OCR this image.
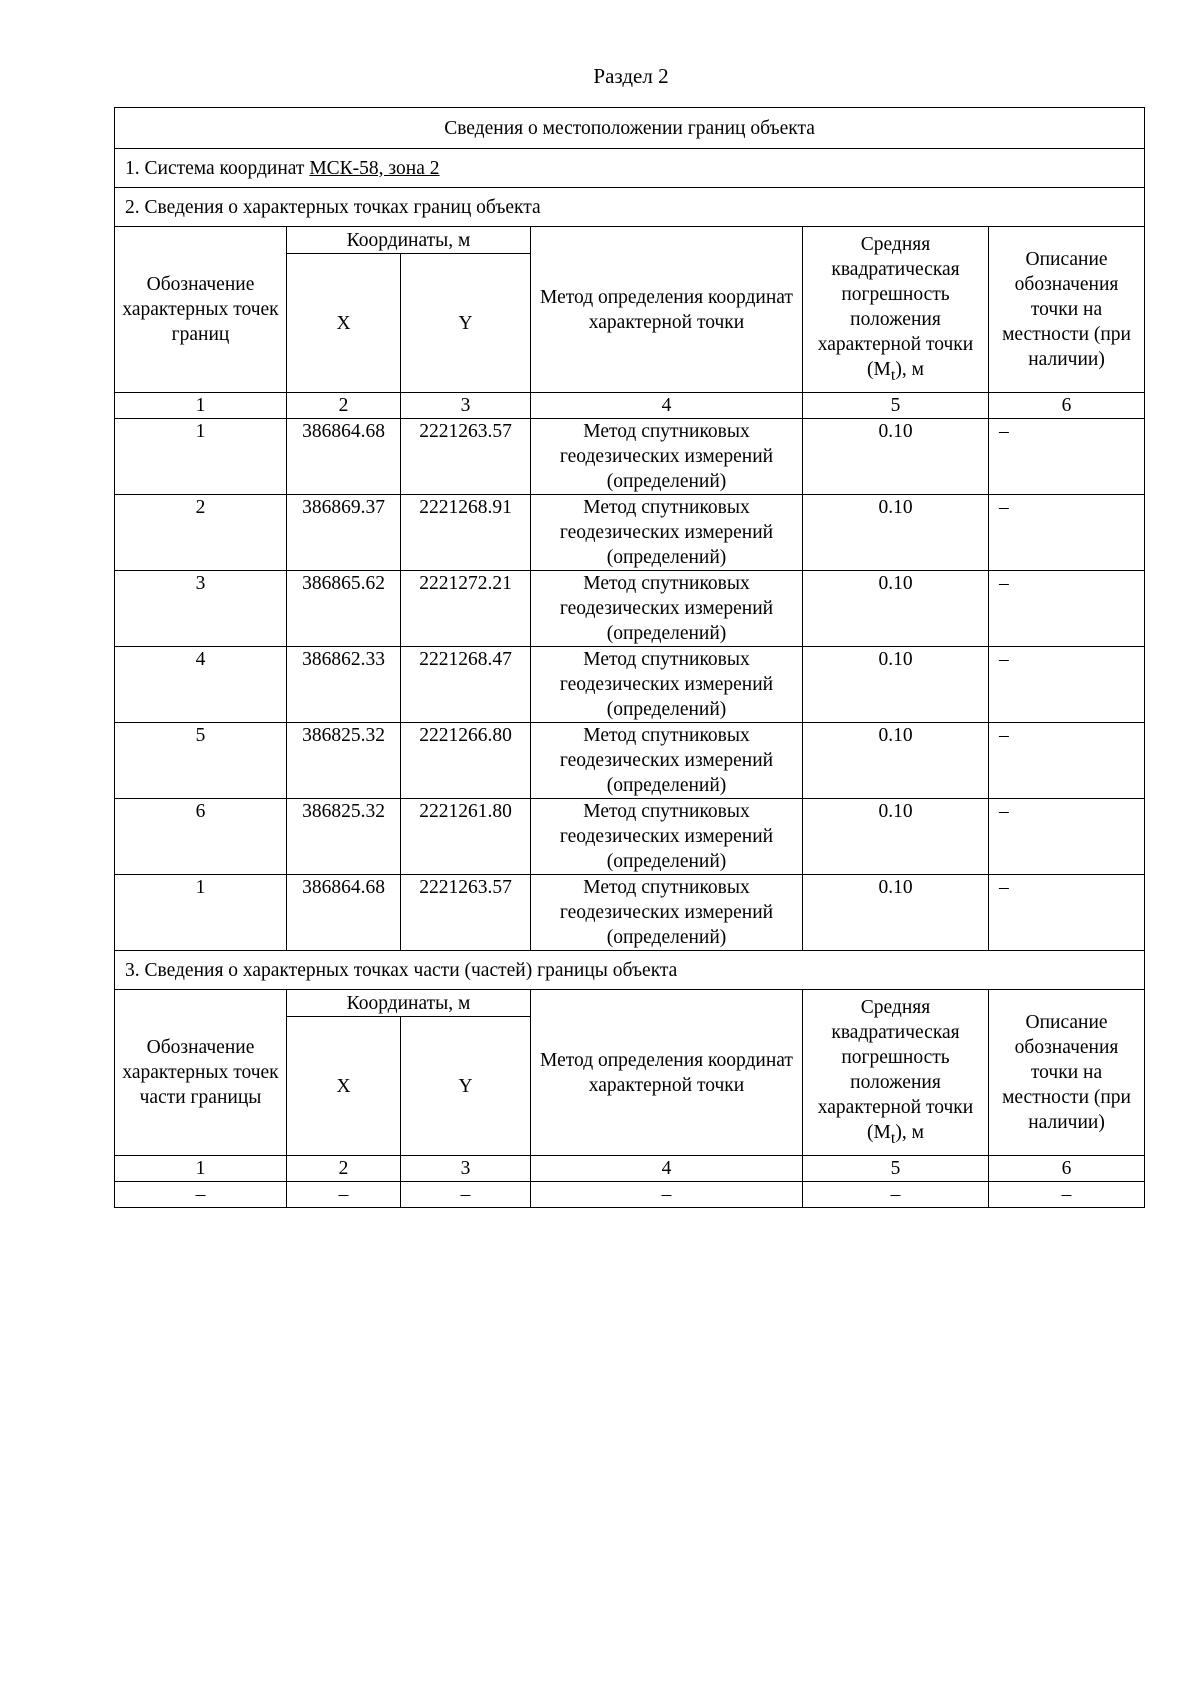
Раздел 2
Сведения о местоположении границ объекта					
1. Система координат МСК-58, зона 2					
2. Сведения о характерных точках границ объекта					
Обозначение характерных точек границ	Координаты, м		Метод определения координат характерной точки	Средняя квадратическая погрешность положения характерной точки $(M_t)$, м	Описание обозначения точки на местности (при наличии)
	X	Y			
1	2	3	4	5	6
1	386864.68	2221263.57	Метод спутниковых геодезических измерений (определений)	0.10	–
2	386869.37	2221268.91	Метод спутниковых геодезических измерений (определений)	0.10	–
3	386865.62	2221272.21	Метод спутниковых геодезических измерений (определений)	0.10	–
4	386862.33	2221268.47	Метод спутниковых геодезических измерений (определений)	0.10	–
5	386825.32	2221266.80	Метод спутниковых геодезических измерений (определений)	0.10	–
6	386825.32	2221261.80	Метод спутниковых геодезических измерений (определений)	0.10	–
1	386864.68	2221263.57	Метод спутниковых геодезических измерений (определений)	0.10	–
3. Сведения о характерных точках части (частей) границы объекта					
Обозначение характерных точек части границы	Координаты, м		Метод определения координат характерной точки	Средняя квадратическая погрешность положения характерной точки $(M_t)$, м	Описание обозначения точки на местности (при наличии)
	X	Y			
1	2	3	4	5	6
–	–	–	–	–	–
